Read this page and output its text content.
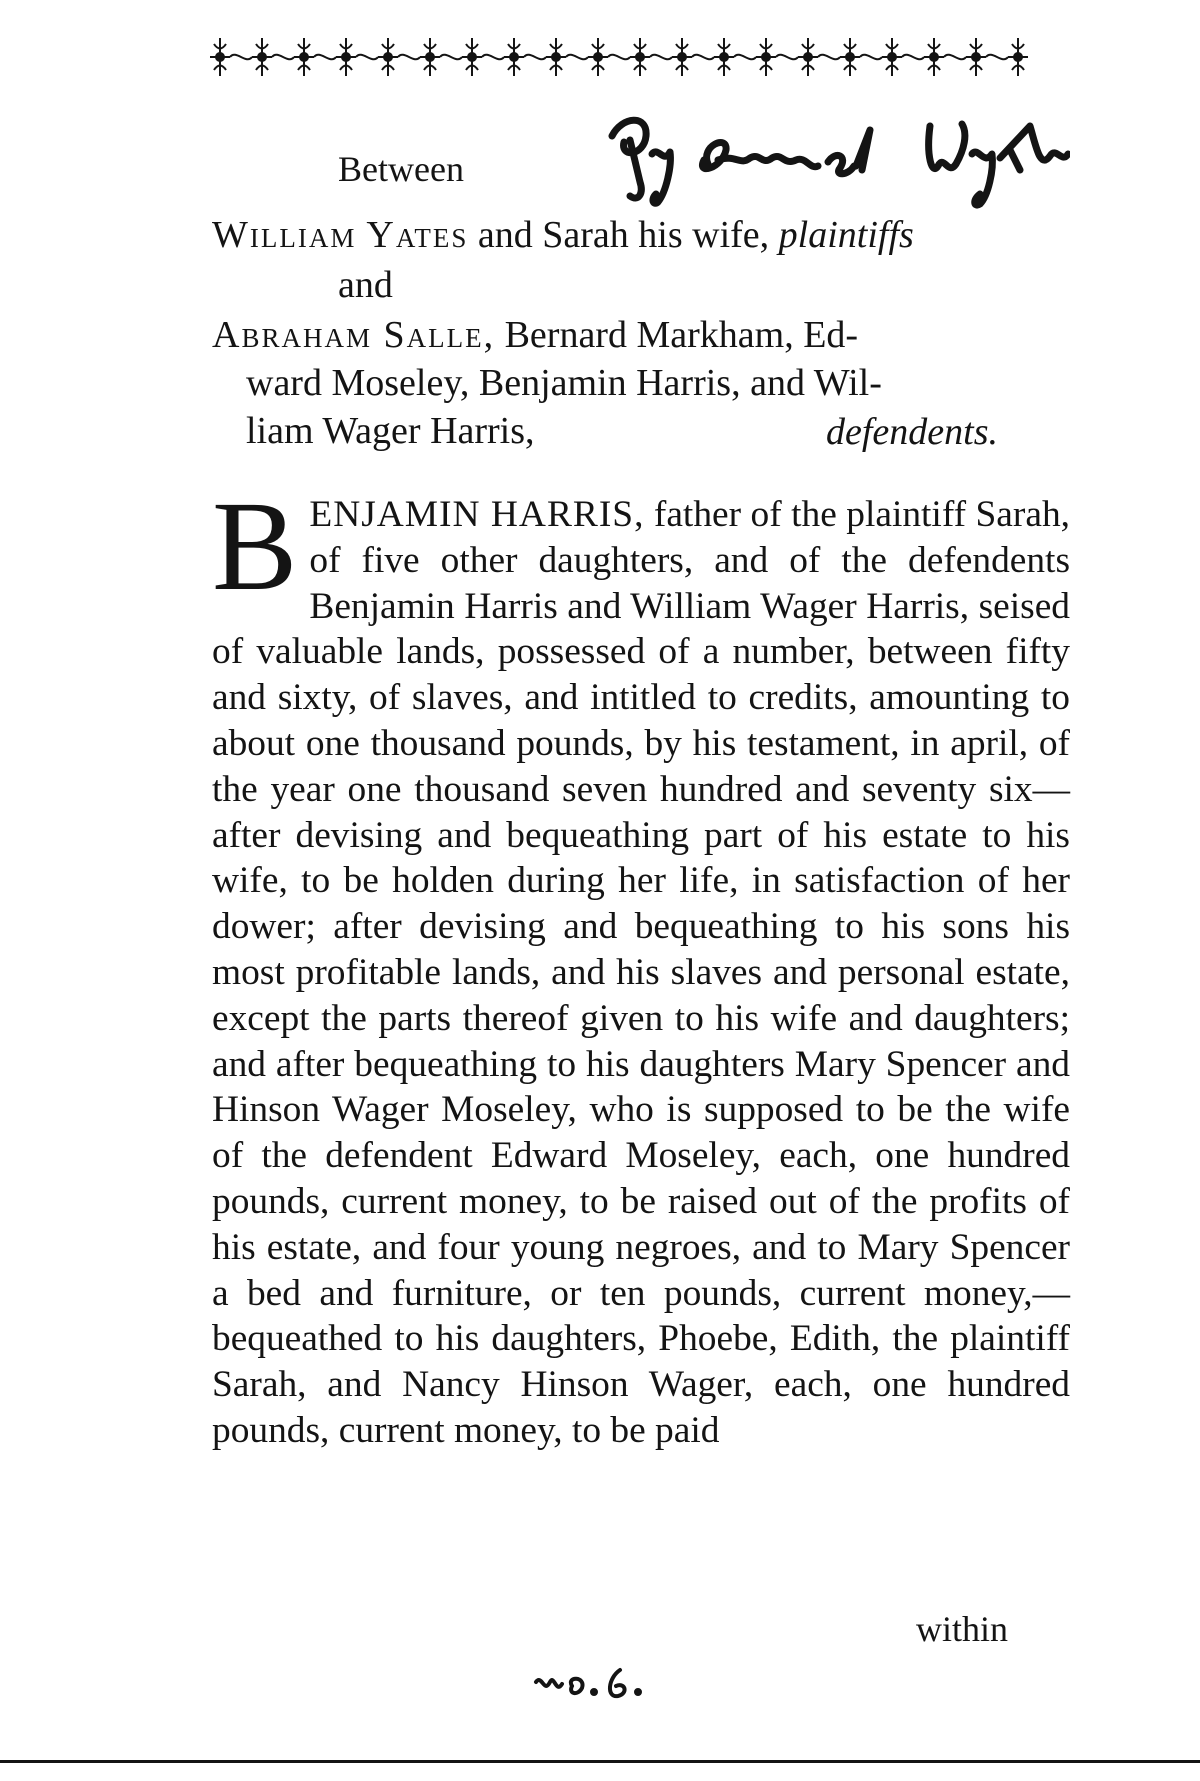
Between
William Yates and Sarah his wife, plaintiffs
and
Abraham Salle, Bernard Markham, Ed-
ward Moseley, Benjamin Harris, and Wil-
liam Wager Harris,	defendents.
BENJAMIN HARRIS, father of the plaintiff Sarah, of five other daughters, and of the defendents Benjamin Harris and William Wager Harris, seised of valuable lands, possessed of a number, between fifty and sixty, of slaves, and intitled to credits, amounting to about one thousand pounds, by his testament, in april, of the year one thousand seven hundred and seventy six— after devising and bequeathing part of his estate to his wife, to be holden during her life, in satisfaction of her dower; after devising and bequeathing to his sons his most profitable lands, and his slaves and personal estate, except the parts thereof given to his wife and daughters; and after bequeathing to his daughters Mary Spencer and Hinson Wager Moseley, who is supposed to be the wife of the defendent Edward Moseley, each, one hundred pounds, current money, to be raised out of the profits of his estate, and four young negroes, and to Mary Spencer a bed and furniture, or ten pounds, current money,— bequeathed to his daughters, Phoebe, Edith, the plaintiff Sarah, and Nancy Hinson Wager, each, one hundred pounds, current money, to be paid
within
